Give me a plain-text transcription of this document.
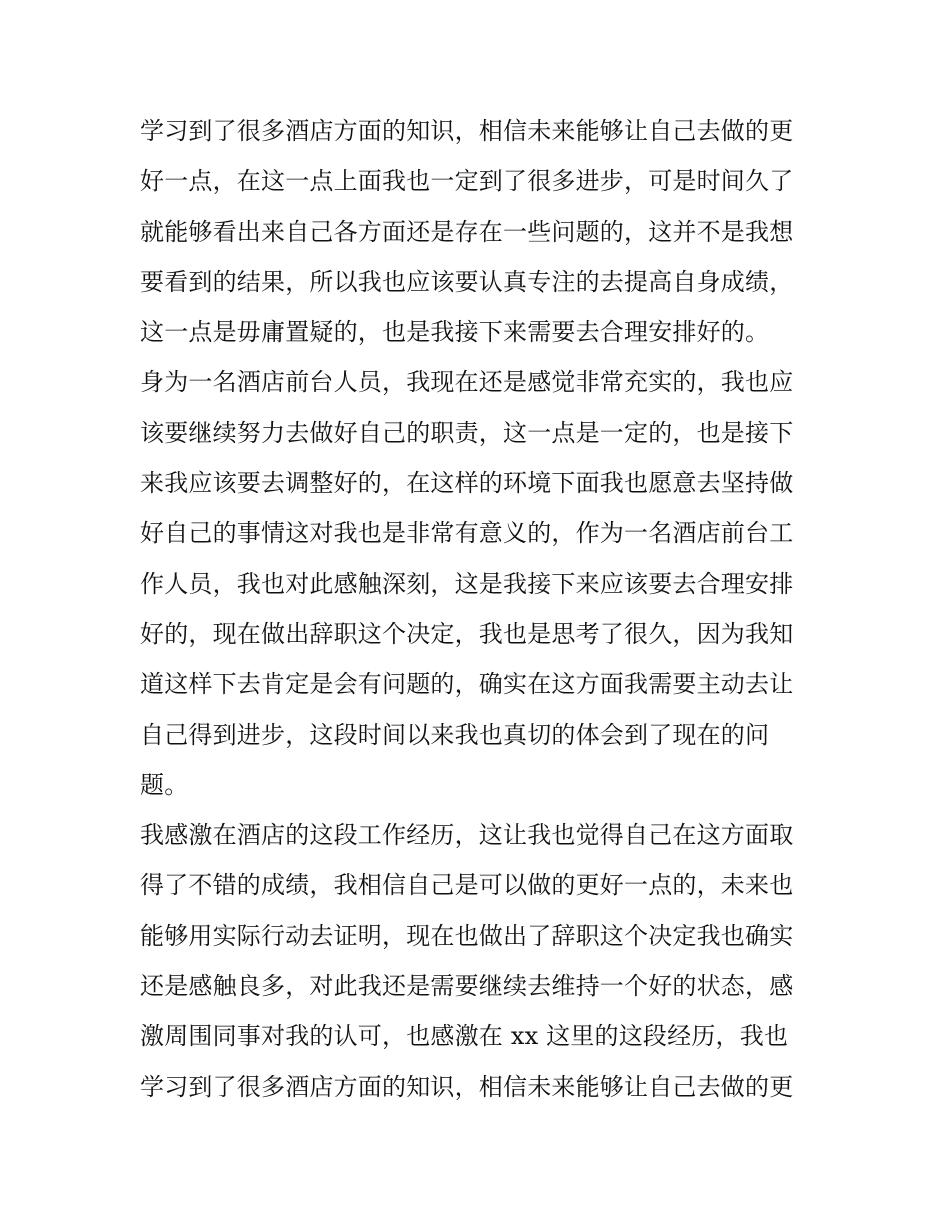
学习到了很多酒店方面的知识，相信未来能够让自己去做的更
好一点，在这一点上面我也一定到了很多进步，可是时间久了
就能够看出来自己各方面还是存在一些问题的，这并不是我想
要看到的结果，所以我也应该要认真专注的去提高自身成绩，
这一点是毋庸置疑的，也是我接下来需要去合理安排好的。
身为一名酒店前台人员，我现在还是感觉非常充实的，我也应
该要继续努力去做好自己的职责，这一点是一定的，也是接下
来我应该要去调整好的，在这样的环境下面我也愿意去坚持做
好自己的事情这对我也是非常有意义的，作为一名酒店前台工
作人员，我也对此感触深刻，这是我接下来应该要去合理安排
好的，现在做出辞职这个决定，我也是思考了很久，因为我知
道这样下去肯定是会有问题的，确实在这方面我需要主动去让
自己得到进步，这段时间以来我也真切的体会到了现在的问
题。
我感激在酒店的这段工作经历，这让我也觉得自己在这方面取
得了不错的成绩，我相信自己是可以做的更好一点的，未来也
能够用实际行动去证明，现在也做出了辞职这个决定我也确实
还是感触良多，对此我还是需要继续去维持一个好的状态，感
激周围同事对我的认可，也感激在 xx 这里的这段经历，我也
学习到了很多酒店方面的知识，相信未来能够让自己去做的更
